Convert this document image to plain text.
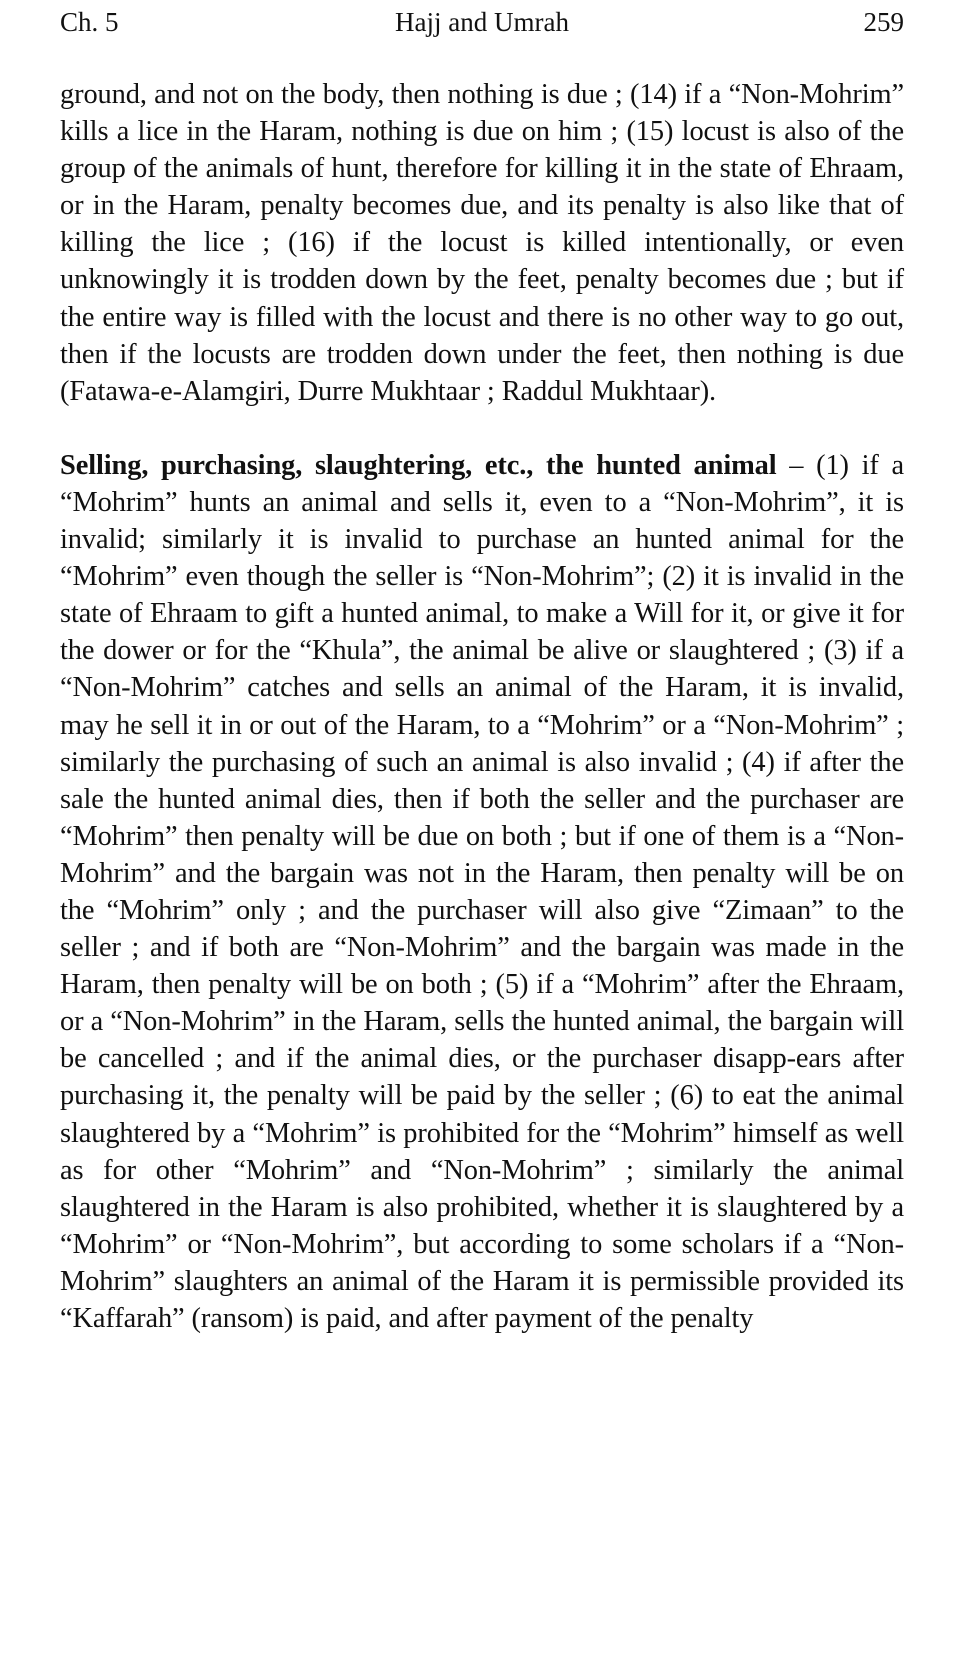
Ch. 5	Hajj and Umrah	259

ground, and not on the body, then nothing is due ; (14) if a “Non-Mohrim” kills a lice in the Haram, nothing is due on him ; (15) locust is also of the group of the animals of hunt, therefore for killing it in the state of Ehraam, or in the Haram, penalty becomes due, and its penalty is also like that of killing the lice ; (16) if the locust is killed intentionally, or even unknowingly it is trodden down by the feet, penalty becomes due ; but if the entire way is filled with the locust and there is no other way to go out, then if the locusts are trodden down under the feet, then nothing is due (Fatawa-e-Alamgiri, Durre Mukhtaar ; Raddul Mukhtaar).

Selling, purchasing, slaughtering, etc., the hunted animal – (1) if a “Mohrim” hunts an animal and sells it, even to a “Non-Mohrim”, it is invalid; similarly it is invalid to purchase an hunted animal for the “Mohrim” even though the seller is “Non-Mohrim”; (2) it is invalid in the state of Ehraam to gift a hunted animal, to make a Will for it, or give it for the dower or for the “Khula”, the animal be alive or slaughtered ; (3) if a “Non-Mohrim” catches and sells an animal of the Haram, it is invalid, may he sell it in or out of the Haram, to a “Mohrim” or a “Non-Mohrim” ; similarly the purchasing of such an animal is also invalid ; (4) if after the sale the hunted animal dies, then if both the seller and the purchaser are “Mohrim” then penalty will be due on both ; but if one of them is a “Non-Mohrim” and the bargain was not in the Haram, then penalty will be on the “Mohrim” only ; and the purchaser will also give “Zimaan” to the seller ; and if both are “Non-Mohrim” and the bargain was made in the Haram, then penalty will be on both ; (5) if a “Mohrim” after the Ehraam, or a “Non-Mohrim” in the Haram, sells the hunted animal, the bargain will be cancelled ; and if the animal dies, or the purchaser disapp-ears after purchasing it, the penalty will be paid by the seller ; (6) to eat the animal slaughtered by a “Mohrim” is prohibited for the “Mohrim” himself as well as for other “Mohrim” and “Non-Mohrim” ; similarly the animal slaughtered in the Haram is also prohibited, whether it is slaughtered by a “Mohrim” or “Non-Mohrim”, but according to some scholars if a “Non-Mohrim” slaughters an animal of the Haram it is permissible provided its “Kaffarah” (ransom) is paid, and after payment of the penalty
